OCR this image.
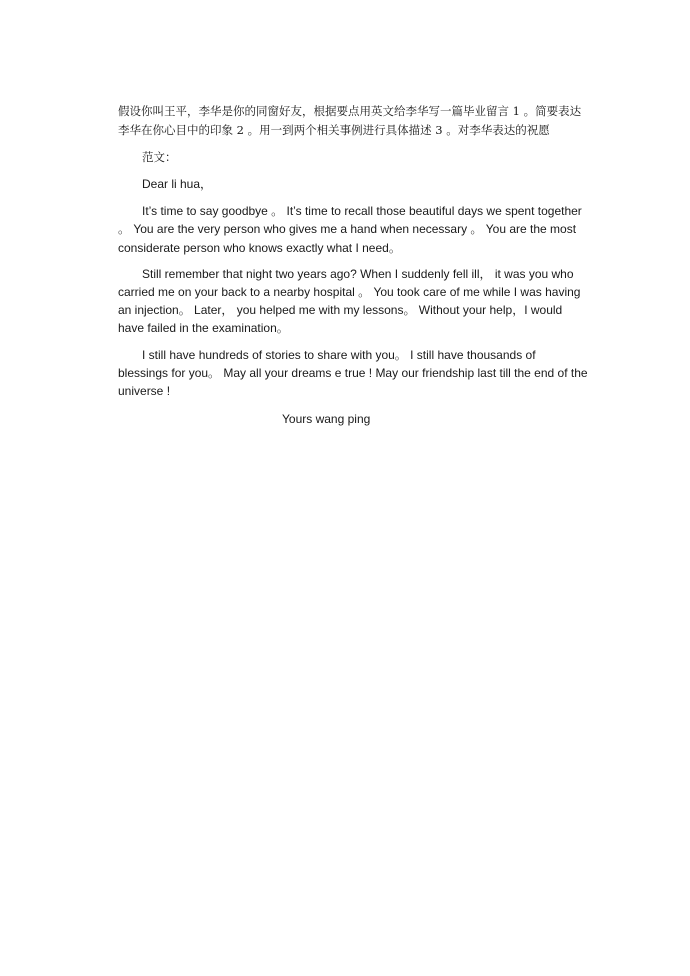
假设你叫王平，李华是你的同窗好友，根据要点用英文给李华写一篇毕业留言 1 。简要表达李华在你心目中的印象 2 。用一到两个相关事例进行具体描述 3 。对李华表达的祝愿

范文：

Dear li hua，

It’s time to say goodbye 。 It’s time to recall those beautiful days we spent together 。 You are the very person who gives me a hand when necessary 。 You are the most considerate person who knows exactly what I need。

Still remember that night two years ago? When I suddenly fell ill， it was you who carried me on your back to a nearby hospital 。 You took care of me while I was having an injection。 Later， you helped me with my lessons。 Without your help，I would have failed in the examination。

I still have hundreds of stories to share with you。 I still have thousands of blessings for you。 May all your dreams e true ! May our friendship last till the end of the universe !

Yours wang ping
